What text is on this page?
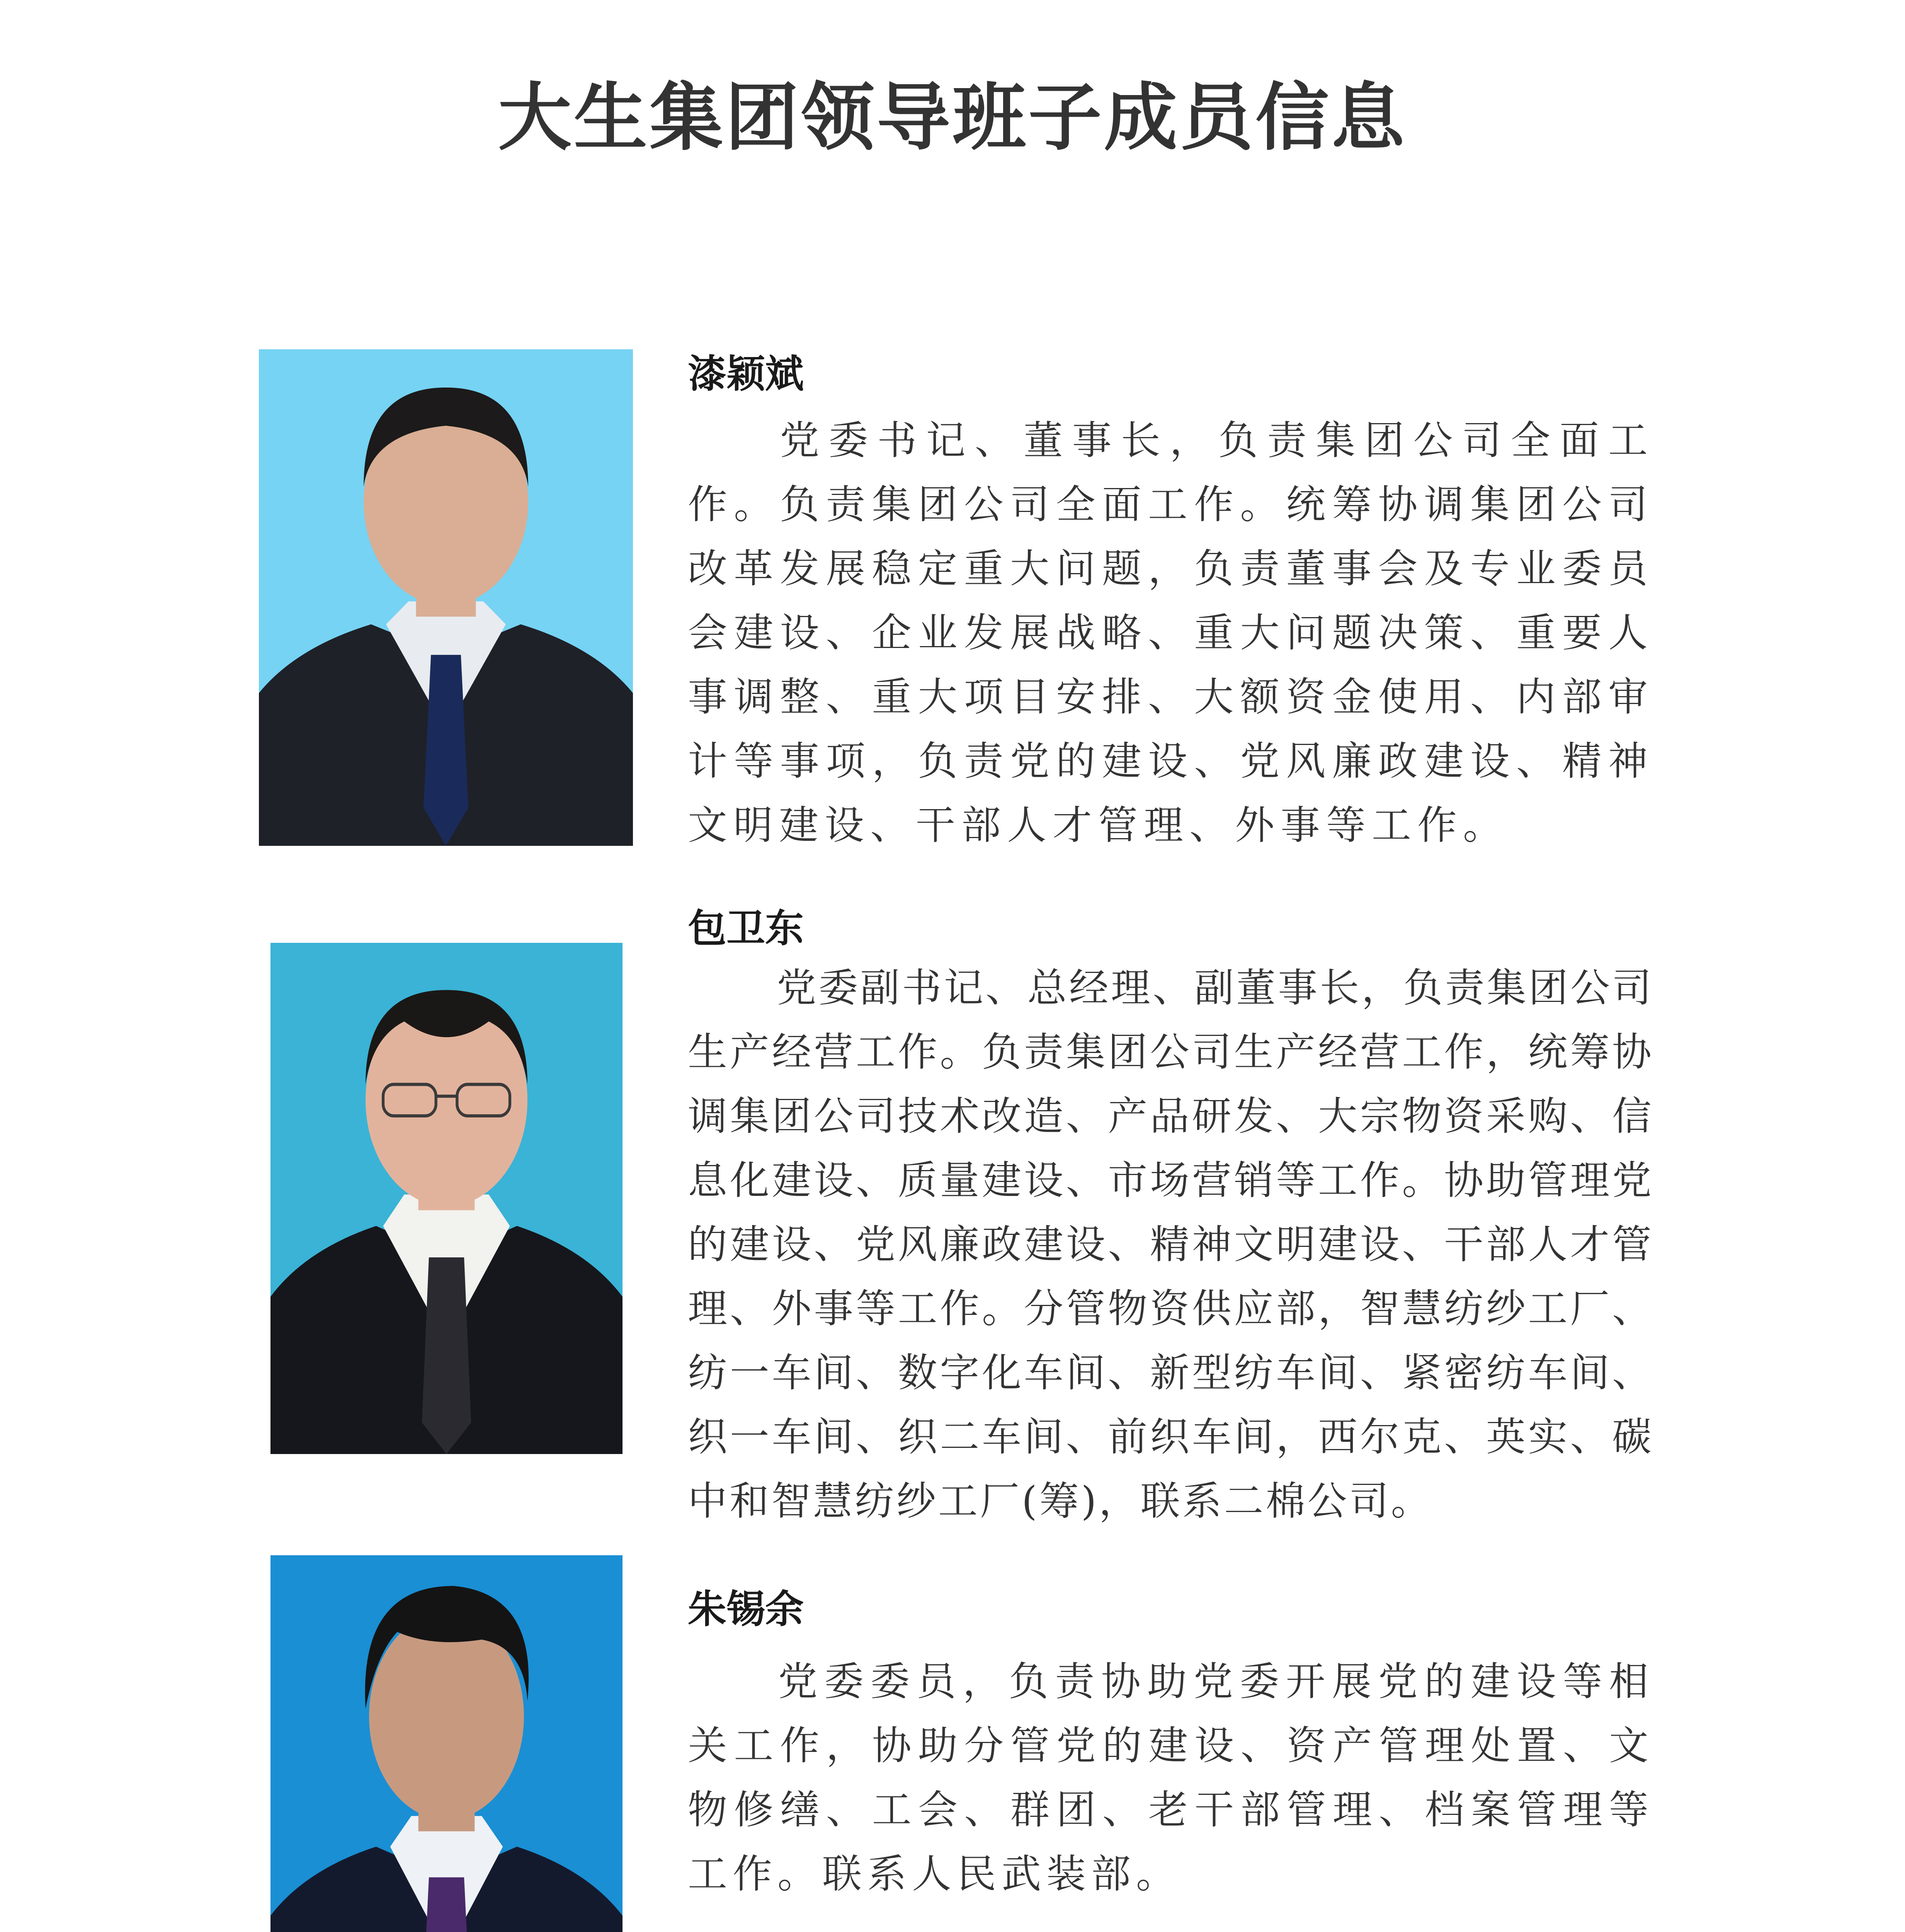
大生集团领导班子成员信息
漆颖斌

党委书记、董事长，负责集团公司全面工作。负责集团公司全面工作。统筹协调集团公司改革发展稳定重大问题，负责董事会及专业委员会建设、企业发展战略、重大问题决策、重要人事调整、重大项目安排、大额资金使用、内部审计等事项，负责党的建设、党风廉政建设、精神文明建设、干部人才管理、外事等工作。

包卫东

党委副书记、总经理、副董事长，负责集团公司生产经营工作。负责集团公司生产经营工作，统筹协调集团公司技术改造、产品研发、大宗物资采购、信息化建设、质量建设、市场营销等工作。协助管理党的建设、党风廉政建设、精神文明建设、干部人才管理、外事等工作。分管物资供应部，智慧纺纱工厂、纺一车间、数字化车间、新型纺车间、紧密纺车间、织一车间、织二车间、前织车间，西尔克、英实、碳中和智慧纺纱工厂(筹)，联系二棉公司。

朱锡余

党委委员，负责协助党委开展党的建设等相关工作，协助分管党的建设、资产管理处置、文物修缮、工会、群团、老干部管理、档案管理等工作。联系人民武装部。
